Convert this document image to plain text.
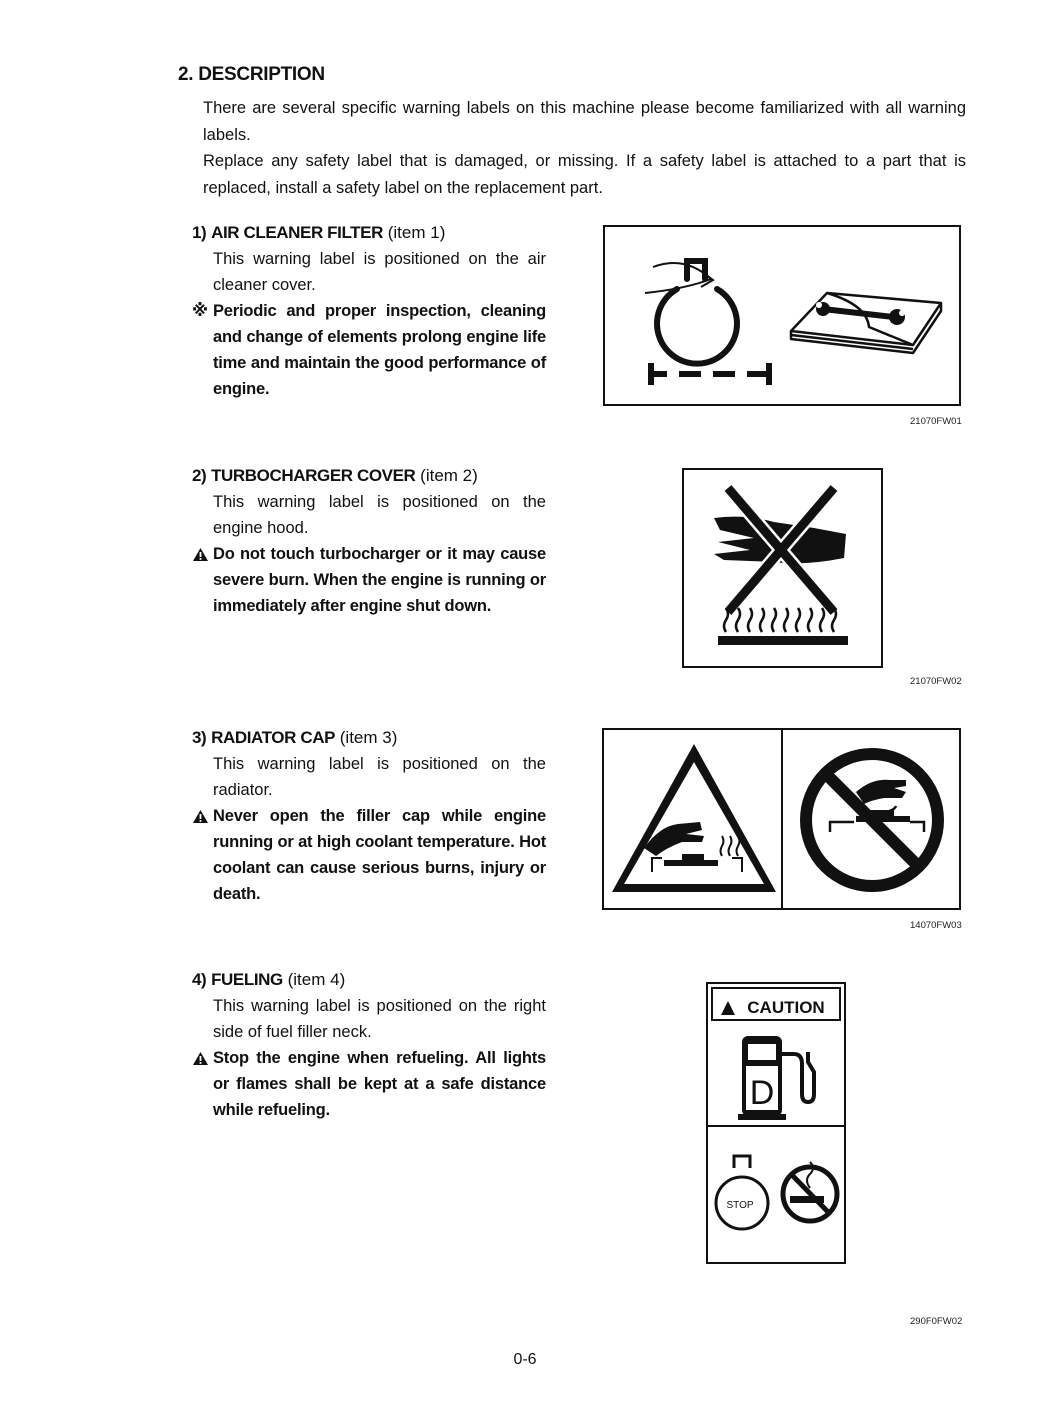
2. DESCRIPTION

There are several specific warning labels on this machine please become familiarized with all warning labels.

Replace any safety label that is damaged, or missing. If a safety label is attached to a part that is replaced, install a safety label on the replacement part.

1) AIR CLEANER FILTER (item 1)
This warning label is positioned on the air cleaner cover.
※ Periodic and proper inspection, cleaning and change of elements prolong engine life time and maintain the good performance of engine.
21070FW01
2) TURBOCHARGER COVER (item 2)
This warning label is positioned on the engine hood.
Do not touch turbocharger or it may cause severe burn. When the engine is running or immediately after engine shut down.
21070FW02
3) RADIATOR CAP (item 3)
This warning label is positioned on the radiator.
Never open the filler cap while engine running or at high coolant temperature. Hot coolant can cause serious burns, injury or death.
14070FW03
4) FUELING (item 4)
This warning label is positioned on the right side of fuel filler neck.
Stop the engine when refueling. All lights or flames shall be kept at a safe distance while refueling.
CAUTION
D
STOP
290F0FW02
0-6
